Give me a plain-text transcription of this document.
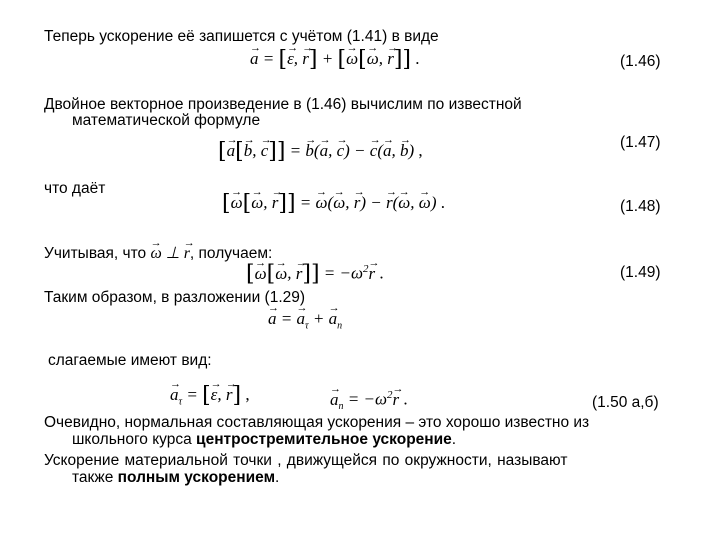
Теперь ускорение её запишется с учётом (1.41) в виде
→ a = [→ ε, → r] + [→ ω[→ ω, → r]] .	(1.46)
Двойное векторное произведение в (1.46) вычислим по известной
математической формуле
[→ a[→ b, → c]] = → b(→ a, → c) − → c(→ a, → b) ,	(1.47)
что даёт
[→ ω[→ ω, → r]] = → ω(→ ω, → r) − → r(→ ω, → ω) .	(1.48)
Учитывая, что → ω ⊥ → r, получаем:
[→ ω[→ ω, → $r]] = -\omega^2\to r$ .	(1.49)
Таким образом, в разложении (1.29)
→ a = → $a_\tau$ + → $a_n$
слагаемые имеют вид:
→ $a_\tau$ = [→ ε, → r] ,	→ $a_n = -\omega^2\to r$ .	(1.50 а,б)
Очевидно, нормальная составляющая ускорения – это хорошо известно из
школьного курса центростремительное ускорение.
Ускорение материальной точки , движущейся по окружности, называют
также полным ускорением.
